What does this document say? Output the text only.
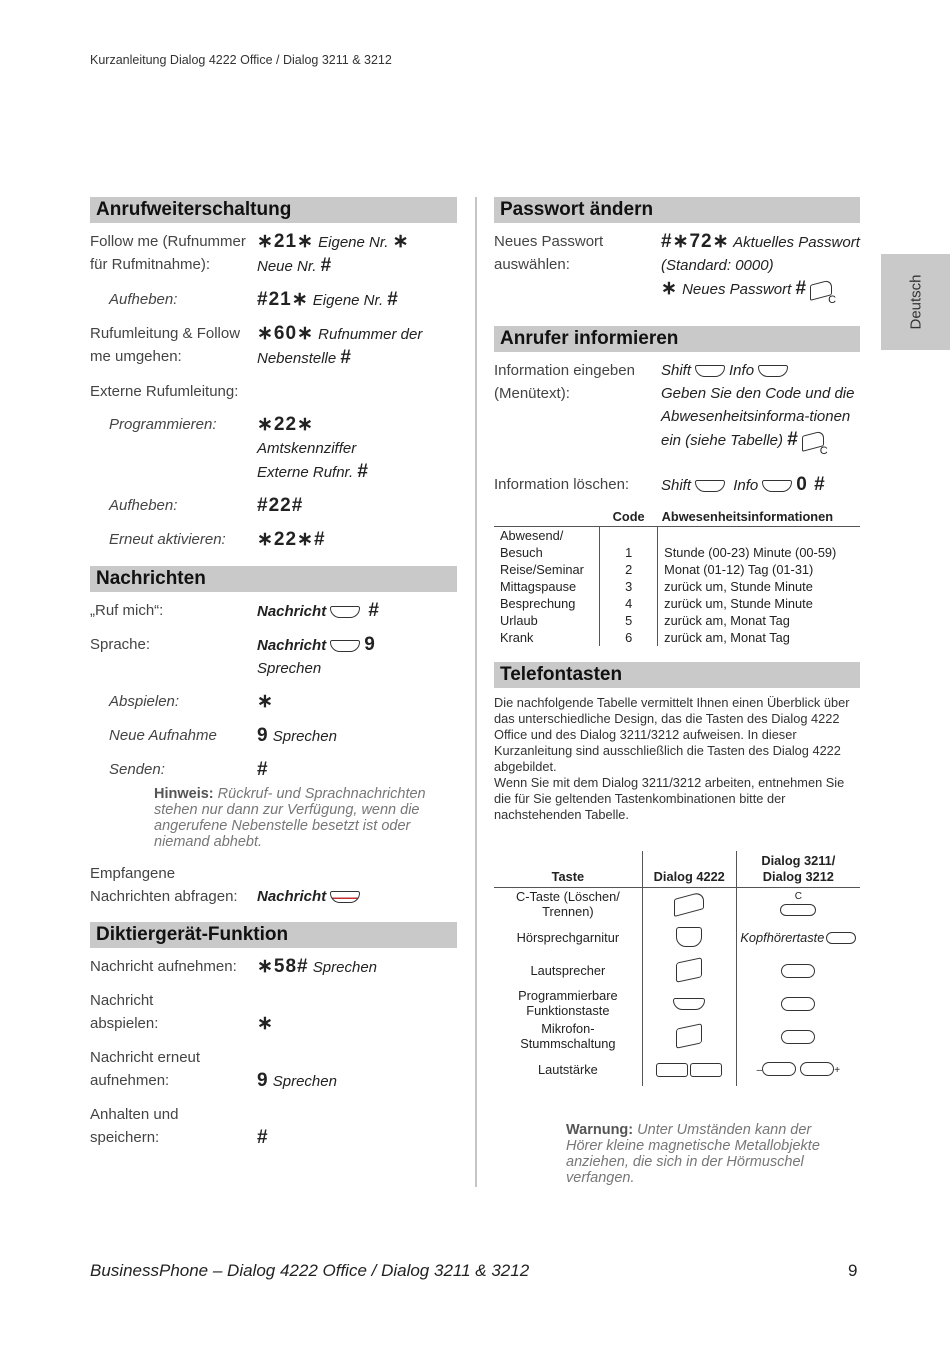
Kurzanleitung Dialog 4222 Office / Dialog 3211 & 3212
Deutsch
Anrufweiterschaltung
Follow me (Rufnummer für Rufmitnahme):
∗21∗ Eigene Nr. ∗
Neue Nr. #
Aufheben:	#21∗ Eigene Nr. #
Rufumleitung & Follow me umgehen:
∗60∗ Rufnummer der Nebenstelle #
Externe Rufumleitung:
Programmieren:	∗22∗
Amtskennziffer
Externe Rufnr. #
Aufheben:	#22#
Erneut aktivieren:	∗22∗#
Nachrichten
„Ruf mich“:	Nachricht #
Sprache:	Nachricht 9
Sprechen
Abspielen:	∗
Neue Aufnahme	9 Sprechen
Senden:	#
Hinweis: Rückruf- und Sprachnachrichten stehen nur dann zur Verfügung, wenn die angerufene Nebenstelle besetzt ist oder niemand abhebt.
Empfangene Nachrichten abfragen:	Nachricht
Diktiergerät-Funktion
Nachricht aufnehmen:	∗58# Sprechen
Nachricht abspielen:	∗
Nachricht erneut aufnehmen:	9 Sprechen
Anhalten und speichern:	#
Passwort ändern
Neues Passwort auswählen:
#∗72∗ Aktuelles Passwort (Standard: 0000)
∗ Neues Passwort $\#_C$
Anrufer informieren
Information eingeben (Menütext):
Shift	Info
Geben Sie den Code und die Abwesenheitsinforma-tionen ein (siehe Tabelle) $\#_C$
Information löschen:	Shift	Info 0 #
	Code	Abwesenheitsinformationen
Abwesend/		
Besuch	1	Stunde (00-23) Minute (00-59)
Reise/Seminar	2	Monat (01-12) Tag (01-31)
Mittagspause	3	zurück um, Stunde Minute
Besprechung	4	zurück um, Stunde Minute
Urlaub	5	zurück am, Monat Tag
Krank	6	zurück am, Monat Tag
Telefontasten
Die nachfolgende Tabelle vermittelt Ihnen einen Überblick über das unterschiedliche Design, das die Tasten des Dialog 4222 Office und des Dialog 3211/3212 aufweisen. In dieser Kurzanleitung sind ausschließlich die Tasten des Dialog 4222 abgebildet.
Wenn Sie mit dem Dialog 3211/3212 arbeiten, entnehmen Sie die für Sie geltenden Tastenkombinationen bitte der nachstehenden Tabelle.
Taste	Dialog 4222	Dialog 3211/ Dialog 3212
C-Taste (Löschen/ Trennen)		C

Hörsprechgarnitur		Kopfhörertaste
Lautsprecher		
Programmierbare Funktionstaste		
Mikrofon-Stummschaltung		
Lautstärke		– +
Warnung: Unter Umständen kann der Hörer kleine magnetische Metallobjekte anziehen, die sich in der Hörmuschel verfangen.
BusinessPhone – Dialog 4222 Office / Dialog 3211 & 3212	9
